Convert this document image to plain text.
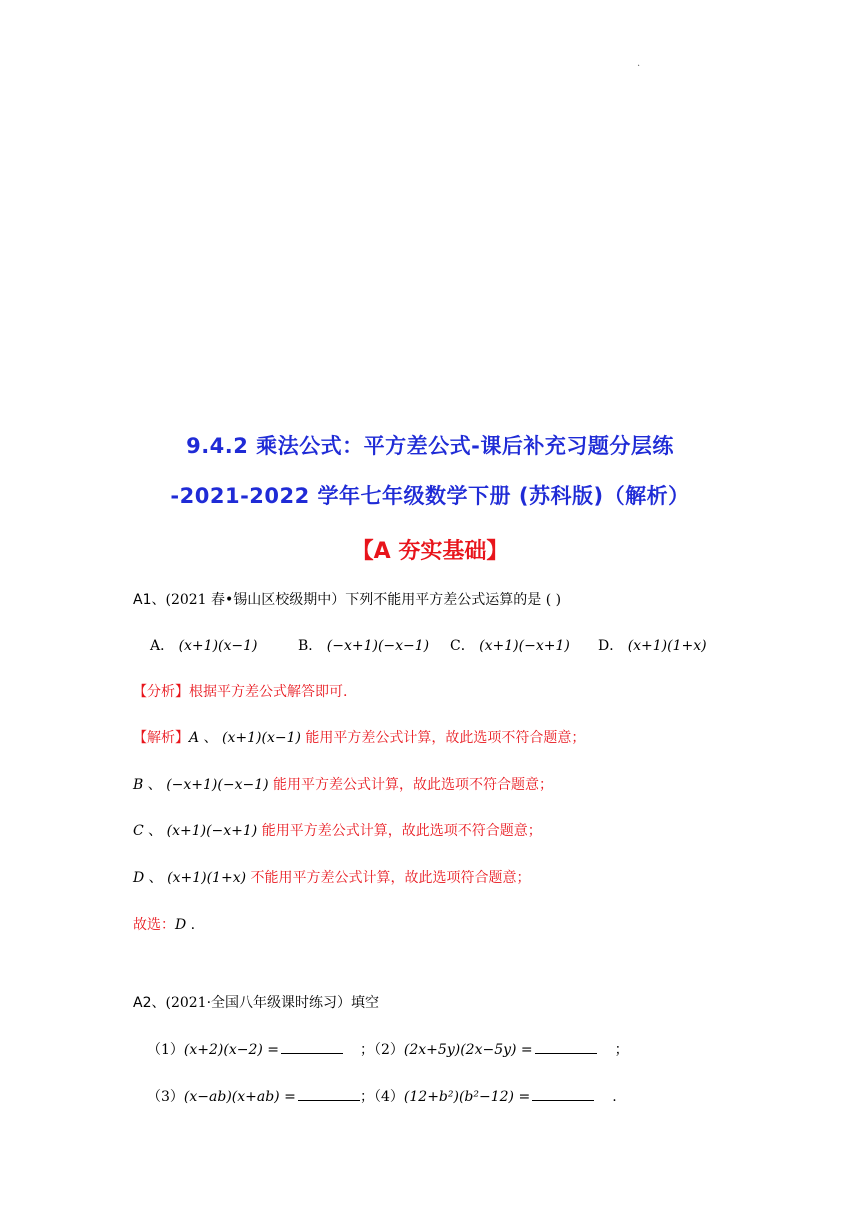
.
9.4.2 乘法公式：平方差公式-课后补充习题分层练
-2021-2022 学年七年级数学下册 (苏科版)（解析）
【A 夯实基础】
A1、(2021 春•锡山区校级期中）下列不能用平方差公式运算的是 ( )
A． (x+1)(x−1)	B． (−x+1)(−x−1) C． (x+1)(−x+1) D． (x+1)(1+x)
【分析】根据平方差公式解答即可.
【解析】A 、 (x+1)(x−1) 能用平方差公式计算，故此选项不符合题意；
B 、 (−x+1)(−x−1) 能用平方差公式计算，故此选项不符合题意；
C 、 (x+1)(−x+1) 能用平方差公式计算，故此选项不符合题意；
D 、 (x+1)(1+x) 不能用平方差公式计算，故此选项符合题意；
故选：D .
A2、(2021·全国八年级课时练习）填空
（1）(x+2)(x−2) =	；（2）(2x+5y)(2x−5y) =	；
（3）(x−ab)(x+ab) =	；（4）(12+b²)(b²−12) =	.
